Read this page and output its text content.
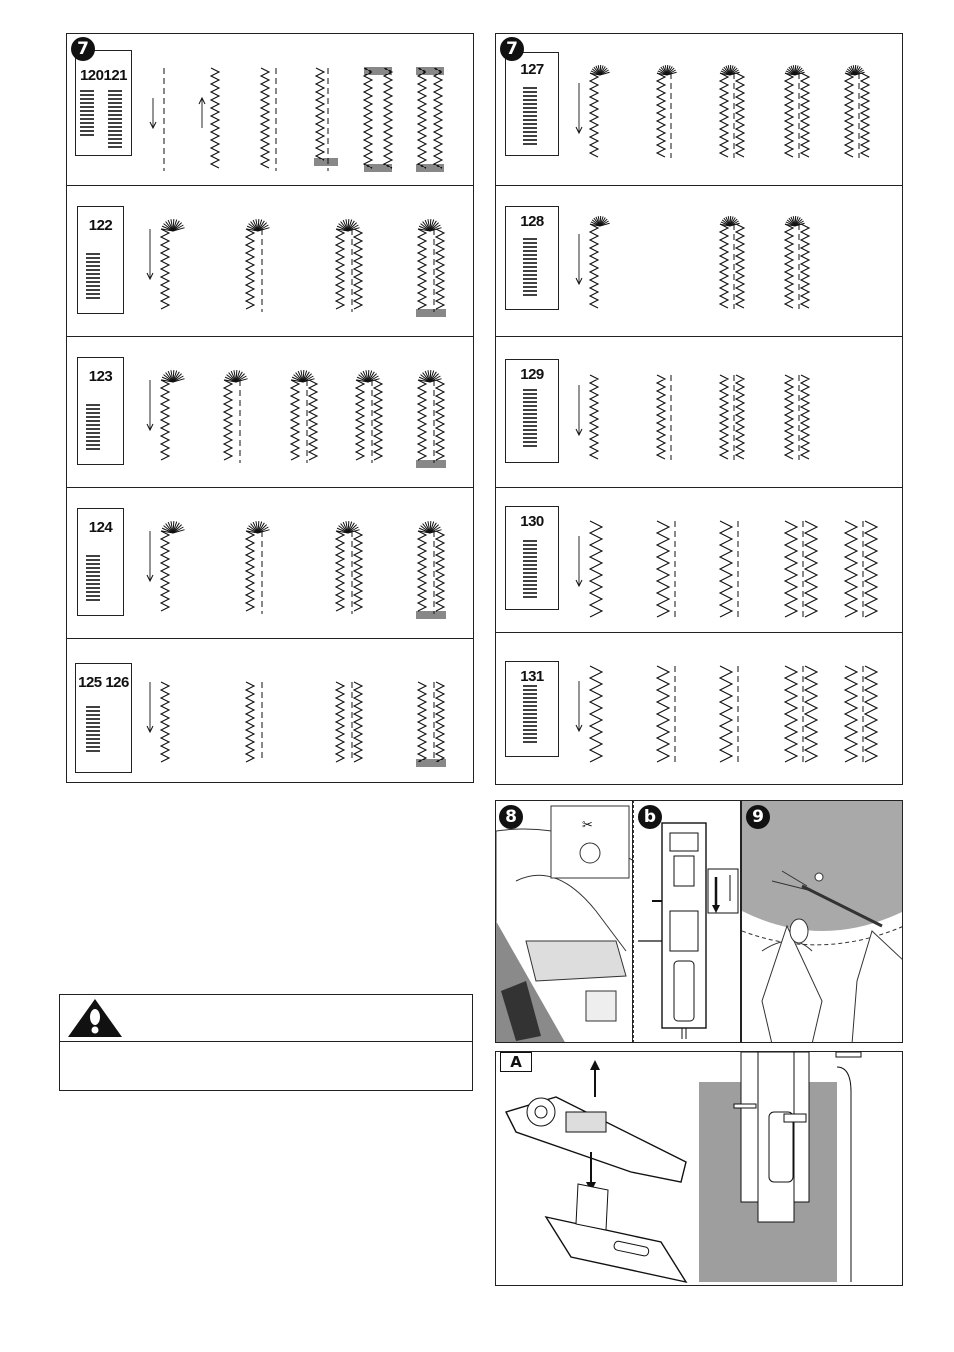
7
120121
122
123
124
125 126
7
127
128
129
130
131
8	✂	b	9
A
